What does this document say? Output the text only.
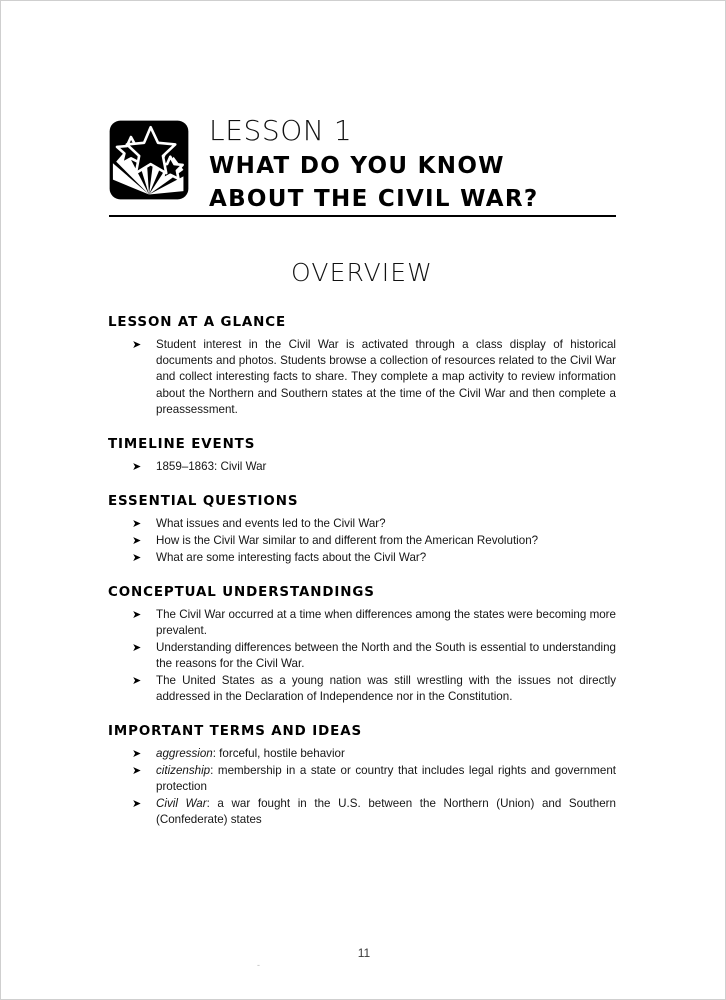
LESSON 1
WHAT DO YOU KNOW
ABOUT THE CIVIL WAR?
OVERVIEW
LESSON AT A GLANCE
➤ Student interest in the Civil War is activated through a class display of historical documents and photos. Students browse a collection of resources related to the Civil War and collect interesting facts to share. They complete a map activity to review information about the Northern and Southern states at the time of the Civil War and then complete a preassessment.
TIMELINE EVENTS
➤ 1859–1863: Civil War
ESSENTIAL QUESTIONS
➤ What issues and events led to the Civil War?
➤ How is the Civil War similar to and different from the American Revolution?
➤ What are some interesting facts about the Civil War?
CONCEPTUAL UNDERSTANDINGS
➤ The Civil War occurred at a time when differences among the states were becoming more prevalent.
➤ Understanding differences between the North and the South is essential to understanding the reasons for the Civil War.
➤ The United States as a young nation was still wrestling with the issues not directly addressed in the Declaration of Independence nor in the Constitution.
IMPORTANT TERMS AND IDEAS
➤ aggression: forceful, hostile behavior
➤ citizenship: membership in a state or country that includes legal rights and government protection
➤ Civil War: a war fought in the U.S. between the Northern (Union) and Southern (Confederate) states
11
-
